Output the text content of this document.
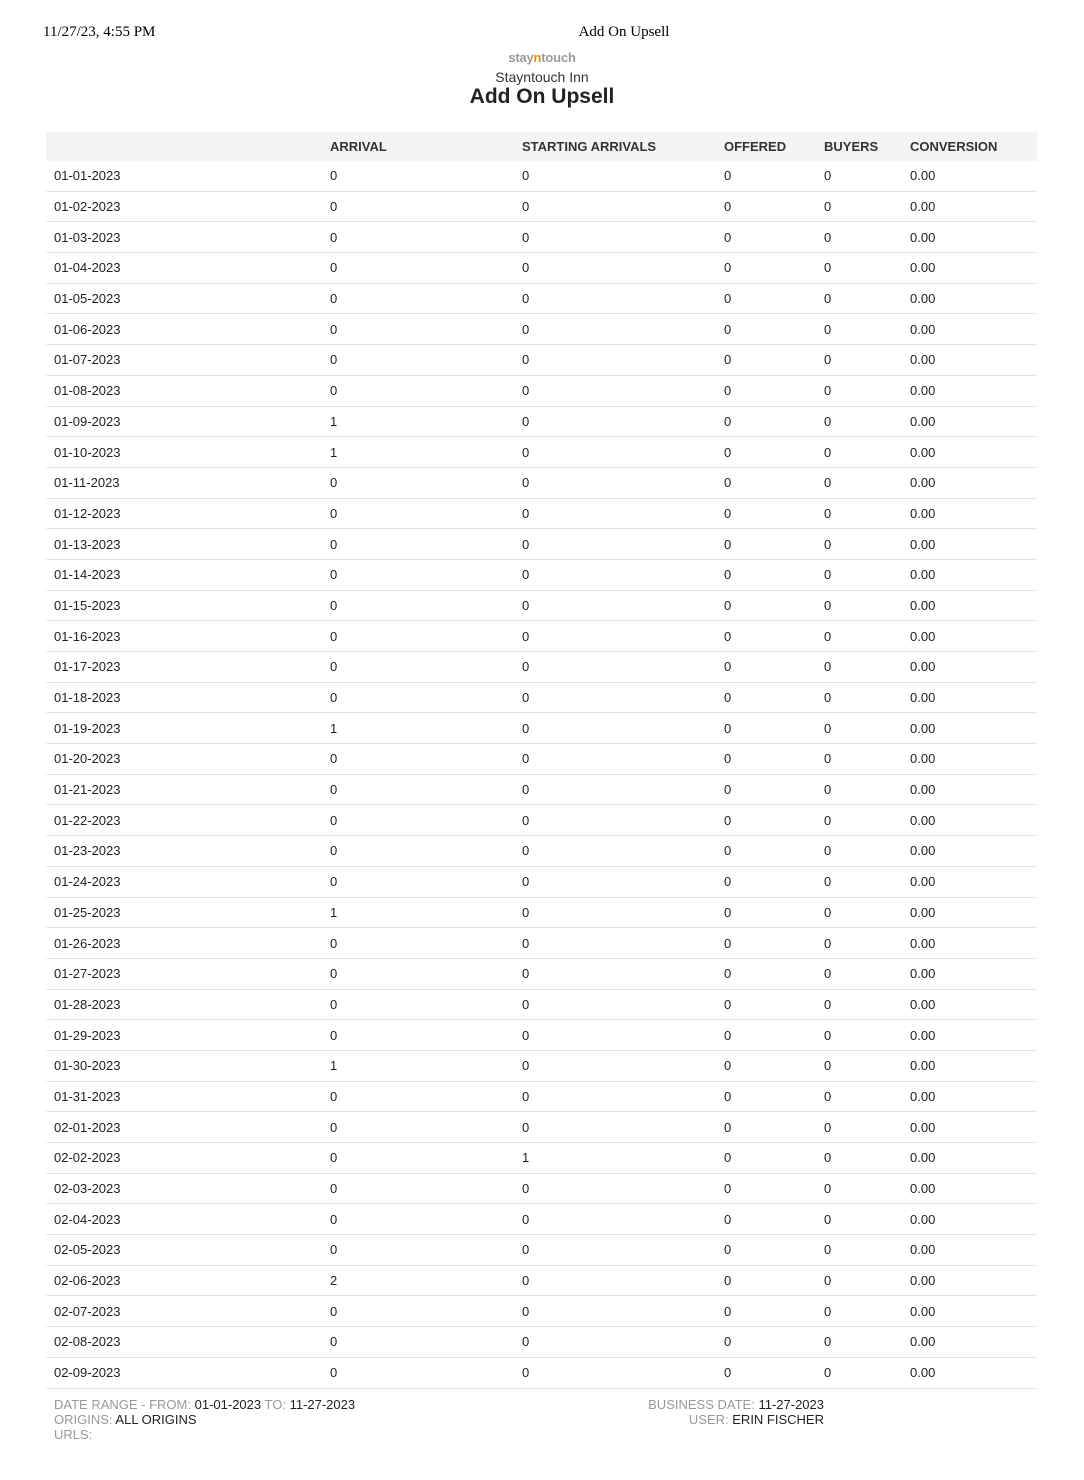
11/27/23, 4:55 PM	Add On Upsell
stayntouch
Stayntouch Inn
Add On Upsell
	ARRIVAL	STARTING ARRIVALS	OFFERED	BUYERS	CONVERSION
01-01-2023	0	0	0	0	0.00
01-02-2023	0	0	0	0	0.00
01-03-2023	0	0	0	0	0.00
01-04-2023	0	0	0	0	0.00
01-05-2023	0	0	0	0	0.00
01-06-2023	0	0	0	0	0.00
01-07-2023	0	0	0	0	0.00
01-08-2023	0	0	0	0	0.00
01-09-2023	1	0	0	0	0.00
01-10-2023	1	0	0	0	0.00
01-11-2023	0	0	0	0	0.00
01-12-2023	0	0	0	0	0.00
01-13-2023	0	0	0	0	0.00
01-14-2023	0	0	0	0	0.00
01-15-2023	0	0	0	0	0.00
01-16-2023	0	0	0	0	0.00
01-17-2023	0	0	0	0	0.00
01-18-2023	0	0	0	0	0.00
01-19-2023	1	0	0	0	0.00
01-20-2023	0	0	0	0	0.00
01-21-2023	0	0	0	0	0.00
01-22-2023	0	0	0	0	0.00
01-23-2023	0	0	0	0	0.00
01-24-2023	0	0	0	0	0.00
01-25-2023	1	0	0	0	0.00
01-26-2023	0	0	0	0	0.00
01-27-2023	0	0	0	0	0.00
01-28-2023	0	0	0	0	0.00
01-29-2023	0	0	0	0	0.00
01-30-2023	1	0	0	0	0.00
01-31-2023	0	0	0	0	0.00
02-01-2023	0	0	0	0	0.00
02-02-2023	0	1	0	0	0.00
02-03-2023	0	0	0	0	0.00
02-04-2023	0	0	0	0	0.00
02-05-2023	0	0	0	0	0.00
02-06-2023	2	0	0	0	0.00
02-07-2023	0	0	0	0	0.00
02-08-2023	0	0	0	0	0.00
02-09-2023	0	0	0	0	0.00
DATE RANGE - FROM: 01-01-2023 TO: 11-27-2023
ORIGINS: ALL ORIGINS
URLS:
BUSINESS DATE: 11-27-2023
USER: ERIN FISCHER
